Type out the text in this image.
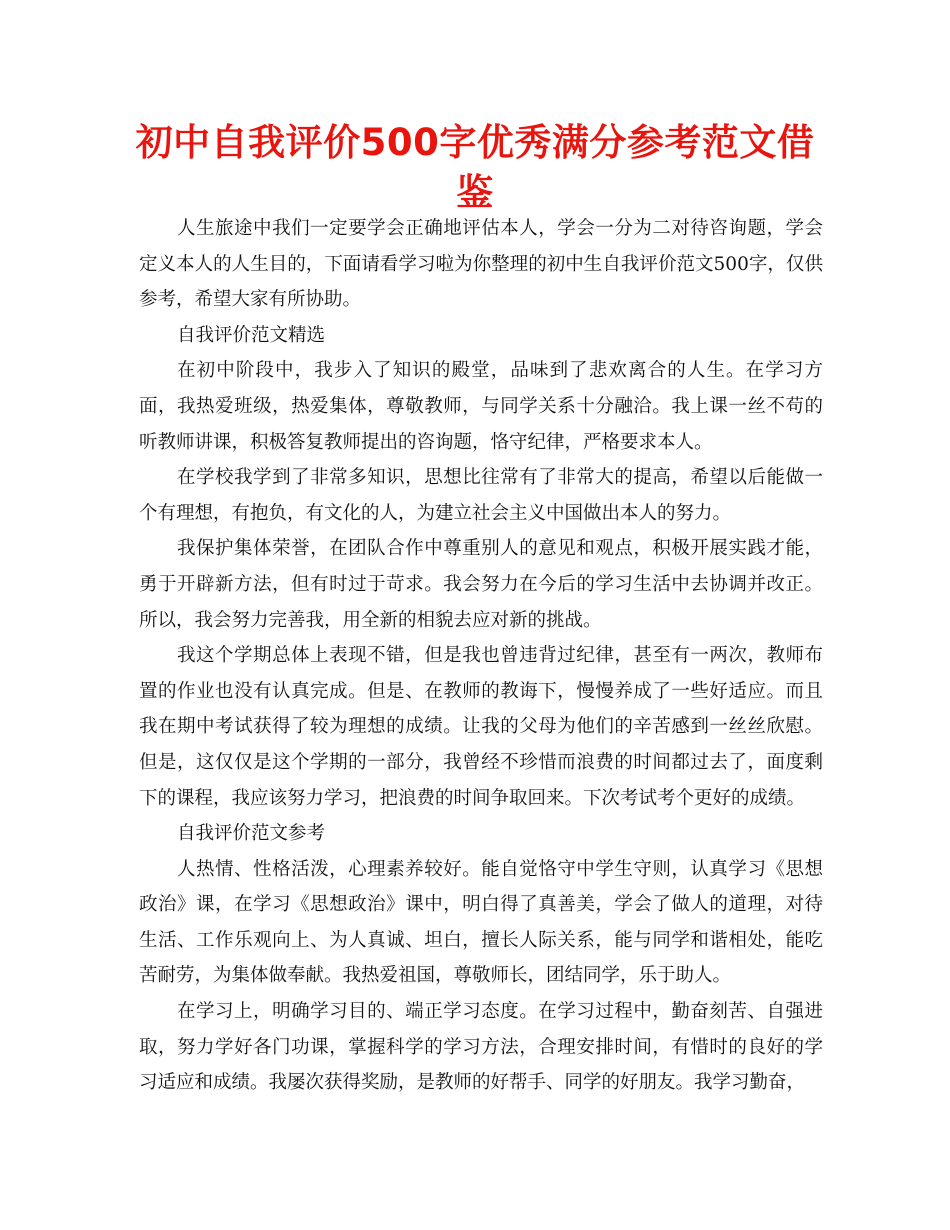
初中自我评价500字优秀满分参考范文借鉴

人生旅途中我们一定要学会正确地评估本人，学会一分为二对待咨询题，学会定义本人的人生目的，下面请看学习啦为你整理的初中生自我评价范文500字，仅供参考，希望大家有所协助。

自我评价范文精选

在初中阶段中，我步入了知识的殿堂，品味到了悲欢离合的人生。在学习方面，我热爱班级，热爱集体，尊敬教师，与同学关系十分融洽。我上课一丝不苟的听教师讲课，积极答复教师提出的咨询题，恪守纪律，严格要求本人。

在学校我学到了非常多知识，思想比往常有了非常大的提高，希望以后能做一个有理想，有抱负，有文化的人，为建立社会主义中国做出本人的努力。

我保护集体荣誉，在团队合作中尊重别人的意见和观点，积极开展实践才能，勇于开辟新方法，但有时过于苛求。我会努力在今后的学习生活中去协调并改正。所以，我会努力完善我，用全新的相貌去应对新的挑战。

我这个学期总体上表现不错，但是我也曾违背过纪律，甚至有一两次，教师布置的作业也没有认真完成。但是、在教师的教诲下，慢慢养成了一些好适应。而且我在期中考试获得了较为理想的成绩。让我的父母为他们的辛苦感到一丝丝欣慰。但是，这仅仅是这个学期的一部分，我曾经不珍惜而浪费的时间都过去了，面度剩下的课程，我应该努力学习，把浪费的时间争取回来。下次考试考个更好的成绩。

自我评价范文参考

人热情、性格活泼，心理素养较好。能自觉恪守中学生守则，认真学习《思想政治》课，在学习《思想政治》课中，明白得了真善美，学会了做人的道理，对待生活、工作乐观向上、为人真诚、坦白，擅长人际关系，能与同学和谐相处，能吃苦耐劳，为集体做奉献。我热爱祖国，尊敬师长，团结同学，乐于助人。

在学习上，明确学习目的、端正学习态度。在学习过程中，勤奋刻苦、自强进取，努力学好各门功课，掌握科学的学习方法，合理安排时间，有惜时的良好的学习适应和成绩。我屡次获得奖励，是教师的好帮手、同学的好朋友。我学习勤奋，
